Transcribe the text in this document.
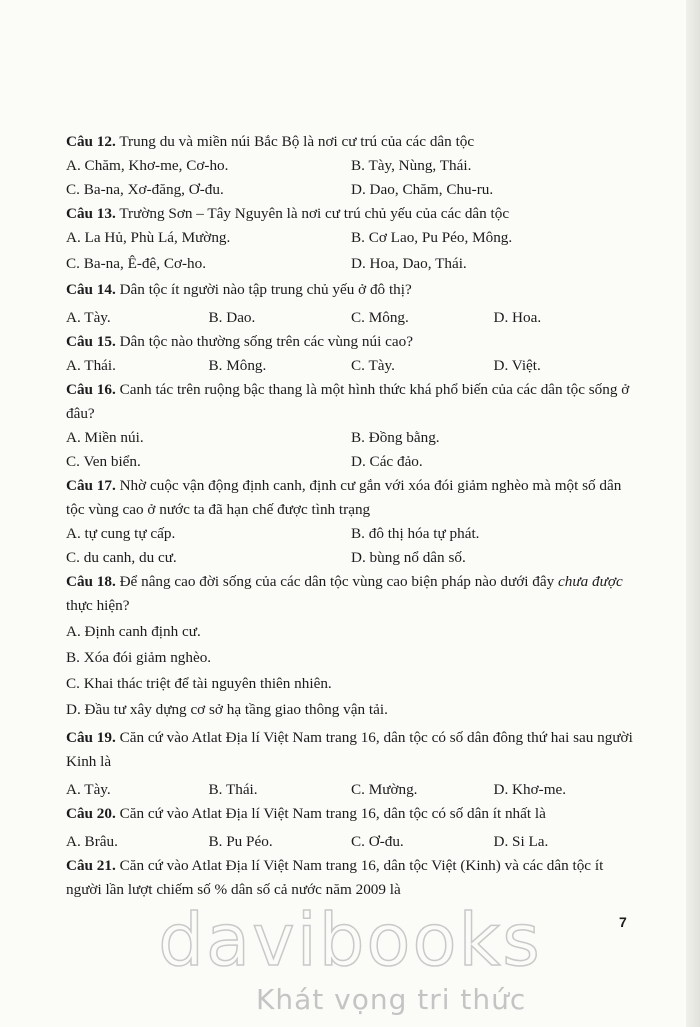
Câu 12. Trung du và miền núi Bắc Bộ là nơi cư trú của các dân tộc

A. Chăm, Khơ-me, Cơ-ho.	B. Tày, Nùng, Thái.
C. Ba-na, Xơ-đăng, Ơ-đu.	D. Dao, Chăm, Chu-ru.

Câu 13. Trường Sơn – Tây Nguyên là nơi cư trú chủ yếu của các dân tộc

A. La Hủ, Phù Lá, Mường.	B. Cơ Lao, Pu Péo, Mông.
C. Ba-na, Ê-đê, Cơ-ho.	D. Hoa, Dao, Thái.

Câu 14. Dân tộc ít người nào tập trung chủ yếu ở đô thị?

A. Tày.	B. Dao.	C. Mông.	D. Hoa.

Câu 15. Dân tộc nào thường sống trên các vùng núi cao?

A. Thái.	B. Mông.	C. Tày.	D. Việt.

Câu 16. Canh tác trên ruộng bậc thang là một hình thức khá phổ biến của các dân tộc sống ở đâu?

A. Miền núi.	B. Đồng bằng.
C. Ven biển.	D. Các đảo.

Câu 17. Nhờ cuộc vận động định canh, định cư gắn với xóa đói giảm nghèo mà một số dân tộc vùng cao ở nước ta đã hạn chế được tình trạng

A. tự cung tự cấp.	B. đô thị hóa tự phát.
C. du canh, du cư.	D. bùng nổ dân số.

Câu 18. Để nâng cao đời sống của các dân tộc vùng cao biện pháp nào dưới đây chưa được thực hiện?

A. Định canh định cư.
B. Xóa đói giảm nghèo.
C. Khai thác triệt để tài nguyên thiên nhiên.
D. Đầu tư xây dựng cơ sở hạ tầng giao thông vận tải.

Câu 19. Căn cứ vào Atlat Địa lí Việt Nam trang 16, dân tộc có số dân đông thứ hai sau người Kinh là

A. Tày.	B. Thái.	C. Mường.	D. Khơ-me.

Câu 20. Căn cứ vào Atlat Địa lí Việt Nam trang 16, dân tộc có số dân ít nhất là

A. Brâu.	B. Pu Péo.	C. Ơ-đu.	D. Si La.

Câu 21. Căn cứ vào Atlat Địa lí Việt Nam trang 16, dân tộc Việt (Kinh) và các dân tộc ít người lần lượt chiếm số % dân số cả nước năm 2009 là

7
davibooks
Khát vọng tri thức
